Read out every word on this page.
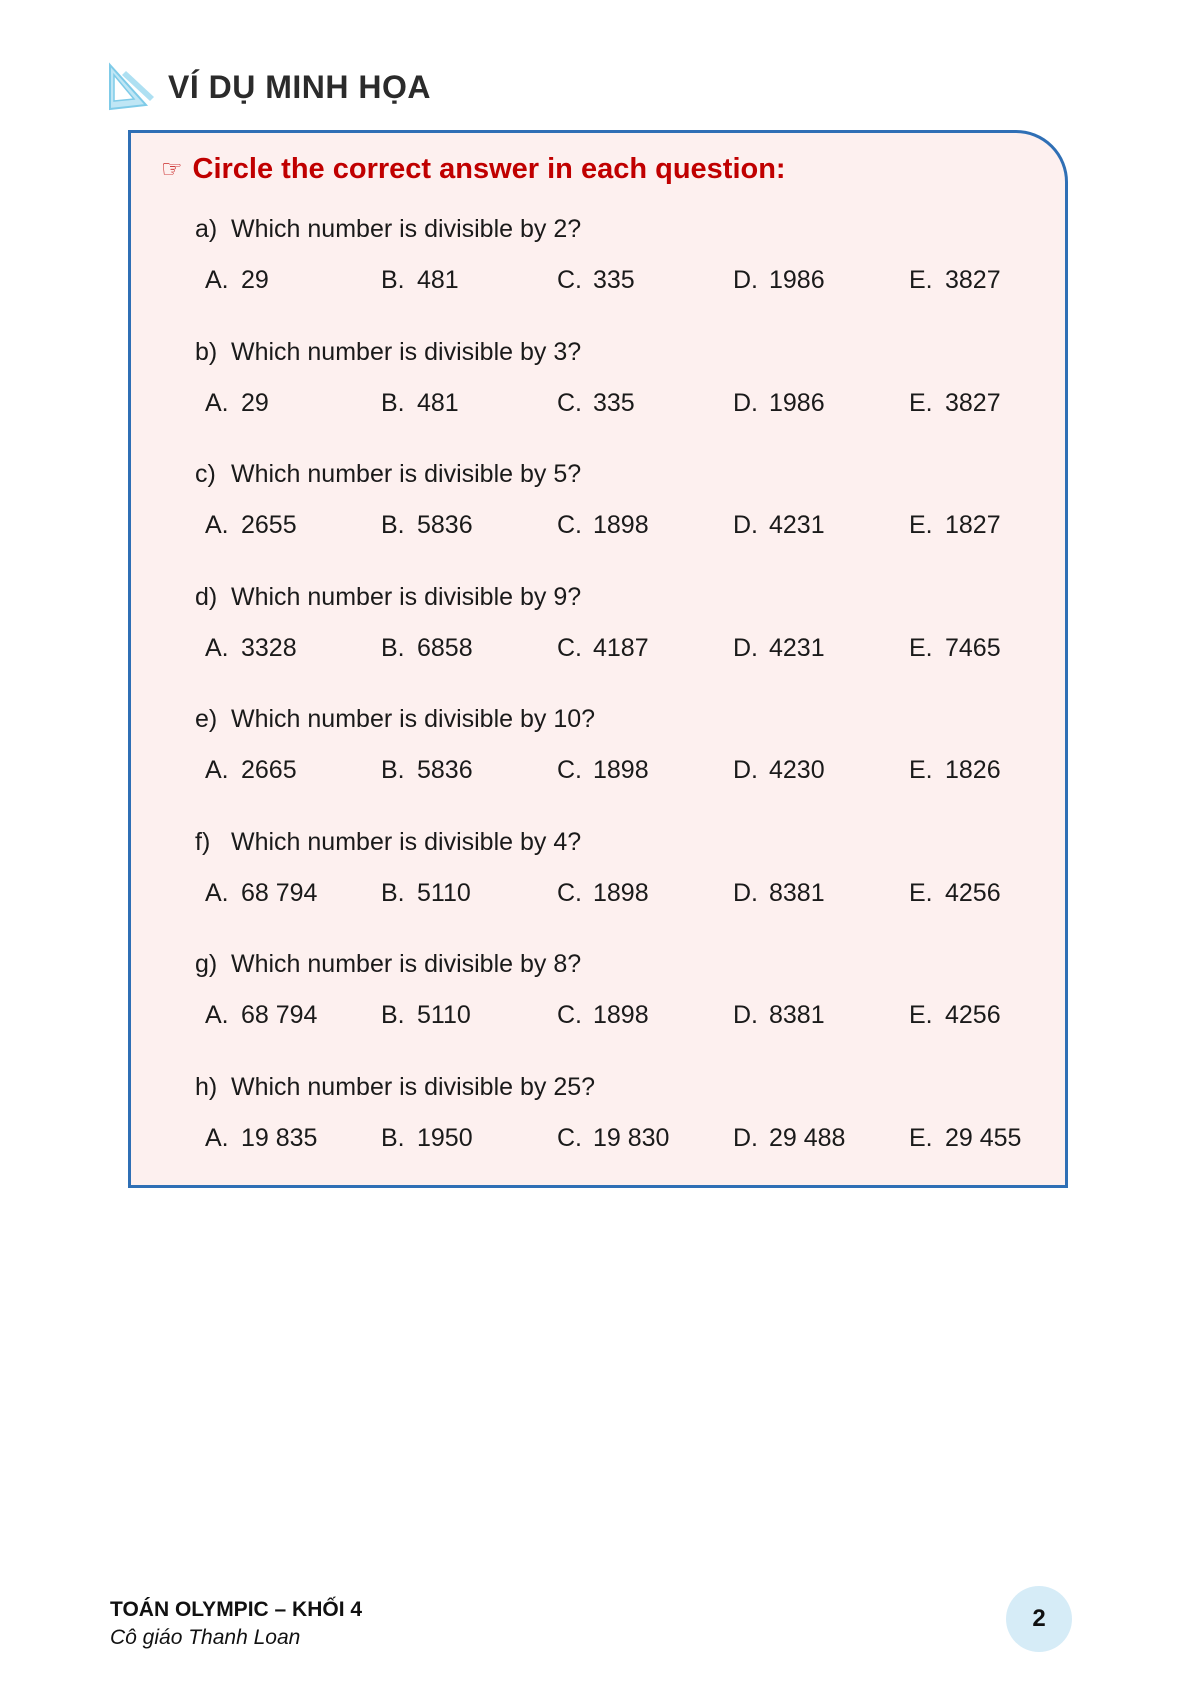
VÍ DỤ MINH HỌA
☞ Circle the correct answer in each question:
a) Which number is divisible by 2?
A. 29	B. 481	C. 335	D. 1986	E. 3827
b) Which number is divisible by 3?
A. 29	B. 481	C. 335	D. 1986	E. 3827
c) Which number is divisible by 5?
A. 2655	B. 5836	C. 1898	D. 4231	E. 1827
d) Which number is divisible by 9?
A. 3328	B. 6858	C. 4187	D. 4231	E. 7465
e) Which number is divisible by 10?
A. 2665	B. 5836	C. 1898	D. 4230	E. 1826
f) Which number is divisible by 4?
A. 68 794	B. 5110	C. 1898	D. 8381	E. 4256
g) Which number is divisible by 8?
A. 68 794	B. 5110	C. 1898	D. 8381	E. 4256
h) Which number is divisible by 25?
A. 19 835	B. 1950	C. 19 830	D. 29 488	E. 29 455
TOÁN OLYMPIC – KHỐI 4
Cô giáo Thanh Loan
2
